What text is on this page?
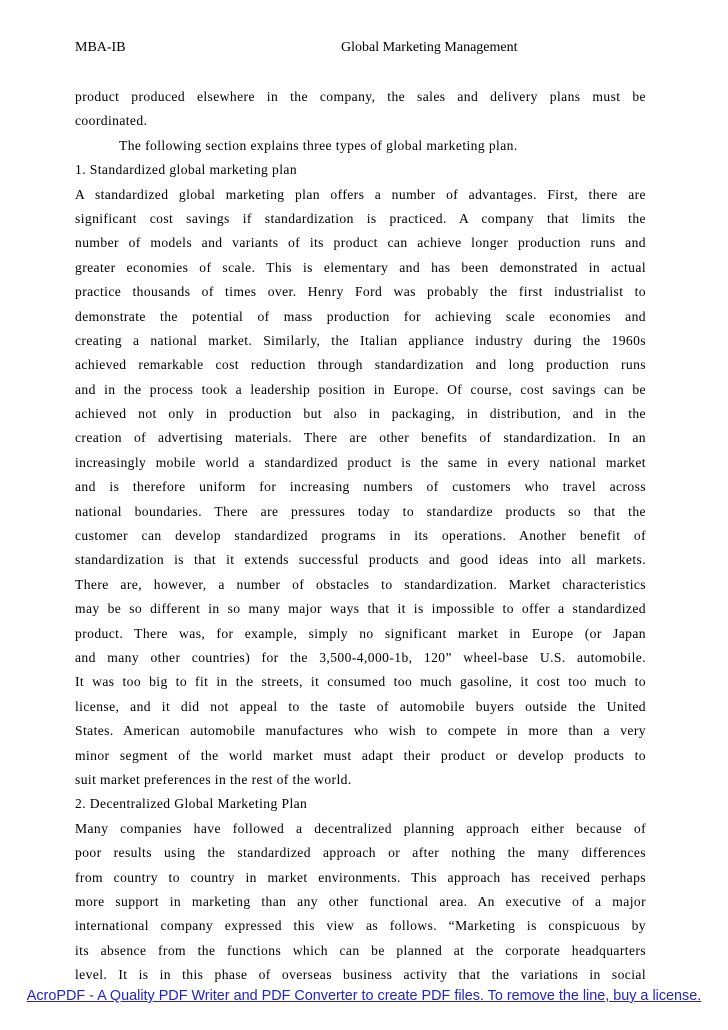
MBA-IB	Global Marketing Management
product produced elsewhere in the company, the sales and delivery plans must be
coordinated.
The following section explains three types of global marketing plan.
1. Standardized global marketing plan
A standardized global marketing plan offers a number of advantages. First, there are
significant cost savings if standardization is practiced. A company that limits the
number of models and variants of its product can achieve longer production runs and
greater economies of scale. This is elementary and has been demonstrated in actual
practice thousands of times over. Henry Ford was probably the first industrialist to
demonstrate the potential of mass production for achieving scale economies and
creating a national market. Similarly, the Italian appliance industry during the 1960s
achieved remarkable cost reduction through standardization and long production runs
and in the process took a leadership position in Europe. Of course, cost savings can be
achieved not only in production but also in packaging, in distribution, and in the
creation of advertising materials. There are other benefits of standardization. In an
increasingly mobile world a standardized product is the same in every national market
and is therefore uniform for increasing numbers of customers who travel across
national boundaries. There are pressures today to standardize products so that the
customer can develop standardized programs in its operations. Another benefit of
standardization is that it extends successful products and good ideas into all markets.
There are, however, a number of obstacles to standardization. Market characteristics
may be so different in so many major ways that it is impossible to offer a standardized
product. There was, for example, simply no significant market in Europe (or Japan
and many other countries) for the 3,500-4,000-1b, 120” wheel-base U.S. automobile.
It was too big to fit in the streets, it consumed too much gasoline, it cost too much to
license, and it did not appeal to the taste of automobile buyers outside the United
States. American automobile manufactures who wish to compete in more than a very
minor segment of the world market must adapt their product or develop products to
suit market preferences in the rest of the world.
2. Decentralized Global Marketing Plan
Many companies have followed a decentralized planning approach either because of
poor results using the standardized approach or after nothing the many differences
from country to country in market environments. This approach has received perhaps
more support in marketing than any other functional area. An executive of a major
international company expressed this view as follows. “Marketing is conspicuous by
its absence from the functions which can be planned at the corporate headquarters
level. It is in this phase of overseas business activity that the variations in social
AcroPDF - A Quality PDF Writer and PDF Converter to create PDF files. To remove the line, buy a license.
